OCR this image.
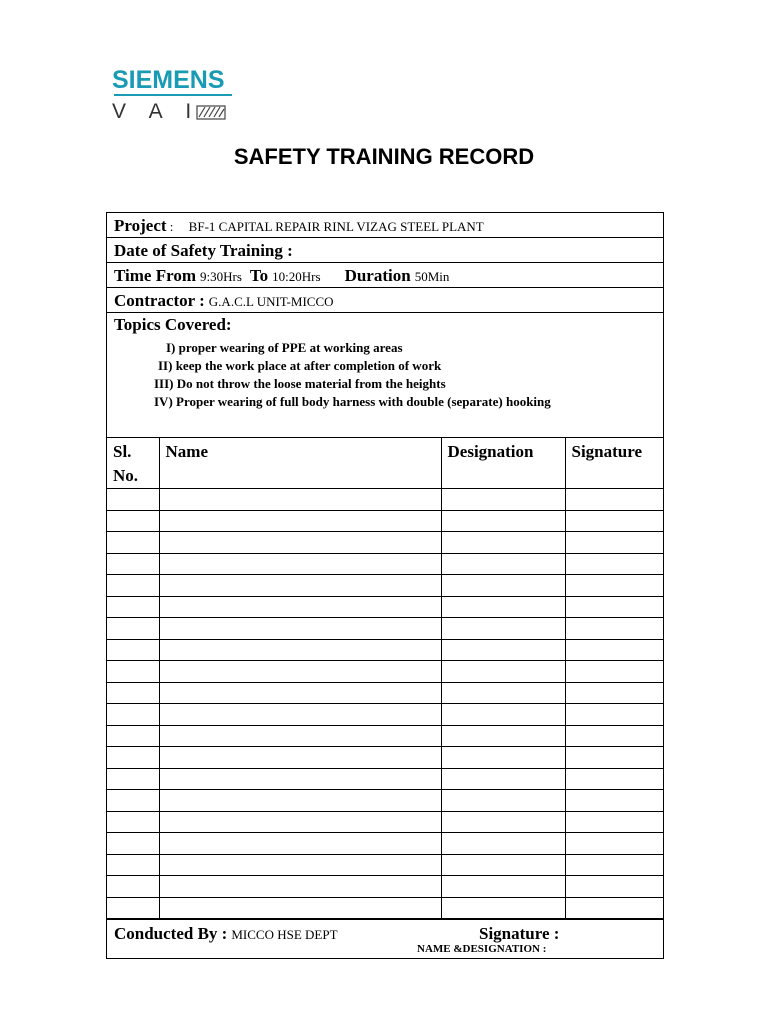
SIEMENS
V A I
SAFETY TRAINING RECORD
Project :    BF-1 CAPITAL REPAIR RINL VIZAG STEEL PLANT
Date of Safety Training :
Time From 9:30Hrs To 10:20Hrs Duration 50Min
Contractor : G.A.C.L UNIT-MICCO
Topics Covered:
I) proper wearing of PPE at working areas
II) keep the work place at after completion of work
III) Do not throw the loose material from the heights
IV) Proper wearing of full body harness with double (separate) hooking
Sl. No.	Name	Designation	Signature

Conducted By : MICCO HSE DEPT	Signature :
NAME &DESIGNATION :
